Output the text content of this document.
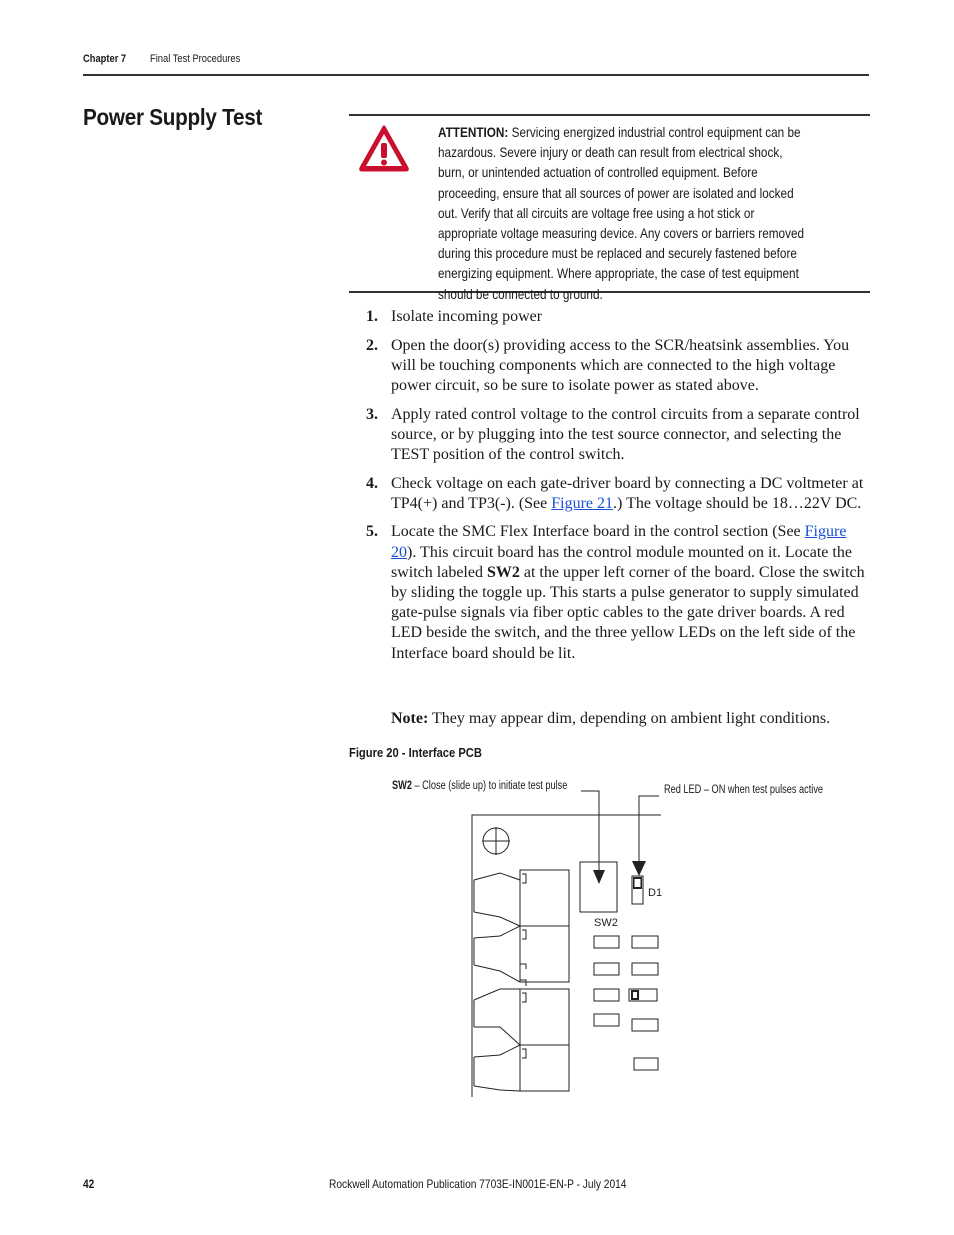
Chapter 7 Final Test Procedures
Power Supply Test
ATTENTION: Servicing energized industrial control equipment can be hazardous. Severe injury or death can result from electrical shock, burn, or unintended actuation of controlled equipment. Before proceeding, ensure that all sources of power are isolated and locked out. Verify that all circuits are voltage free using a hot stick or appropriate voltage measuring device. Any covers or barriers removed during this procedure must be replaced and securely fastened before energizing equipment. Where appropriate, the case of test equipment should be connected to ground.
1. Isolate incoming power
2. Open the door(s) providing access to the SCR/heatsink assemblies. You will be touching components which are connected to the high voltage power circuit, so be sure to isolate power as stated above.
3. Apply rated control voltage to the control circuits from a separate control source, or by plugging into the test source connector, and selecting the TEST position of the control switch.
4. Check voltage on each gate-driver board by connecting a DC voltmeter at TP4(+) and TP3(-). (See Figure 21.) The voltage should be 18…22V DC.
5. Locate the SMC Flex Interface board in the control section (See Figure 20). This circuit board has the control module mounted on it. Locate the switch labeled SW2 at the upper left corner of the board. Close the switch by sliding the toggle up. This starts a pulse generator to supply simulated gate-pulse signals via fiber optic cables to the gate driver boards. A red LED beside the switch, and the three yellow LEDs on the left side of the Interface board should be lit.
Note: They may appear dim, depending on ambient light conditions.
Figure 20 - Interface PCB
SW2 – Close (slide up) to initiate test pulse	Red LED – ON when test pulses active
SW2
D1
42	Rockwell Automation Publication 7703E-IN001E-EN-P - July 2014
